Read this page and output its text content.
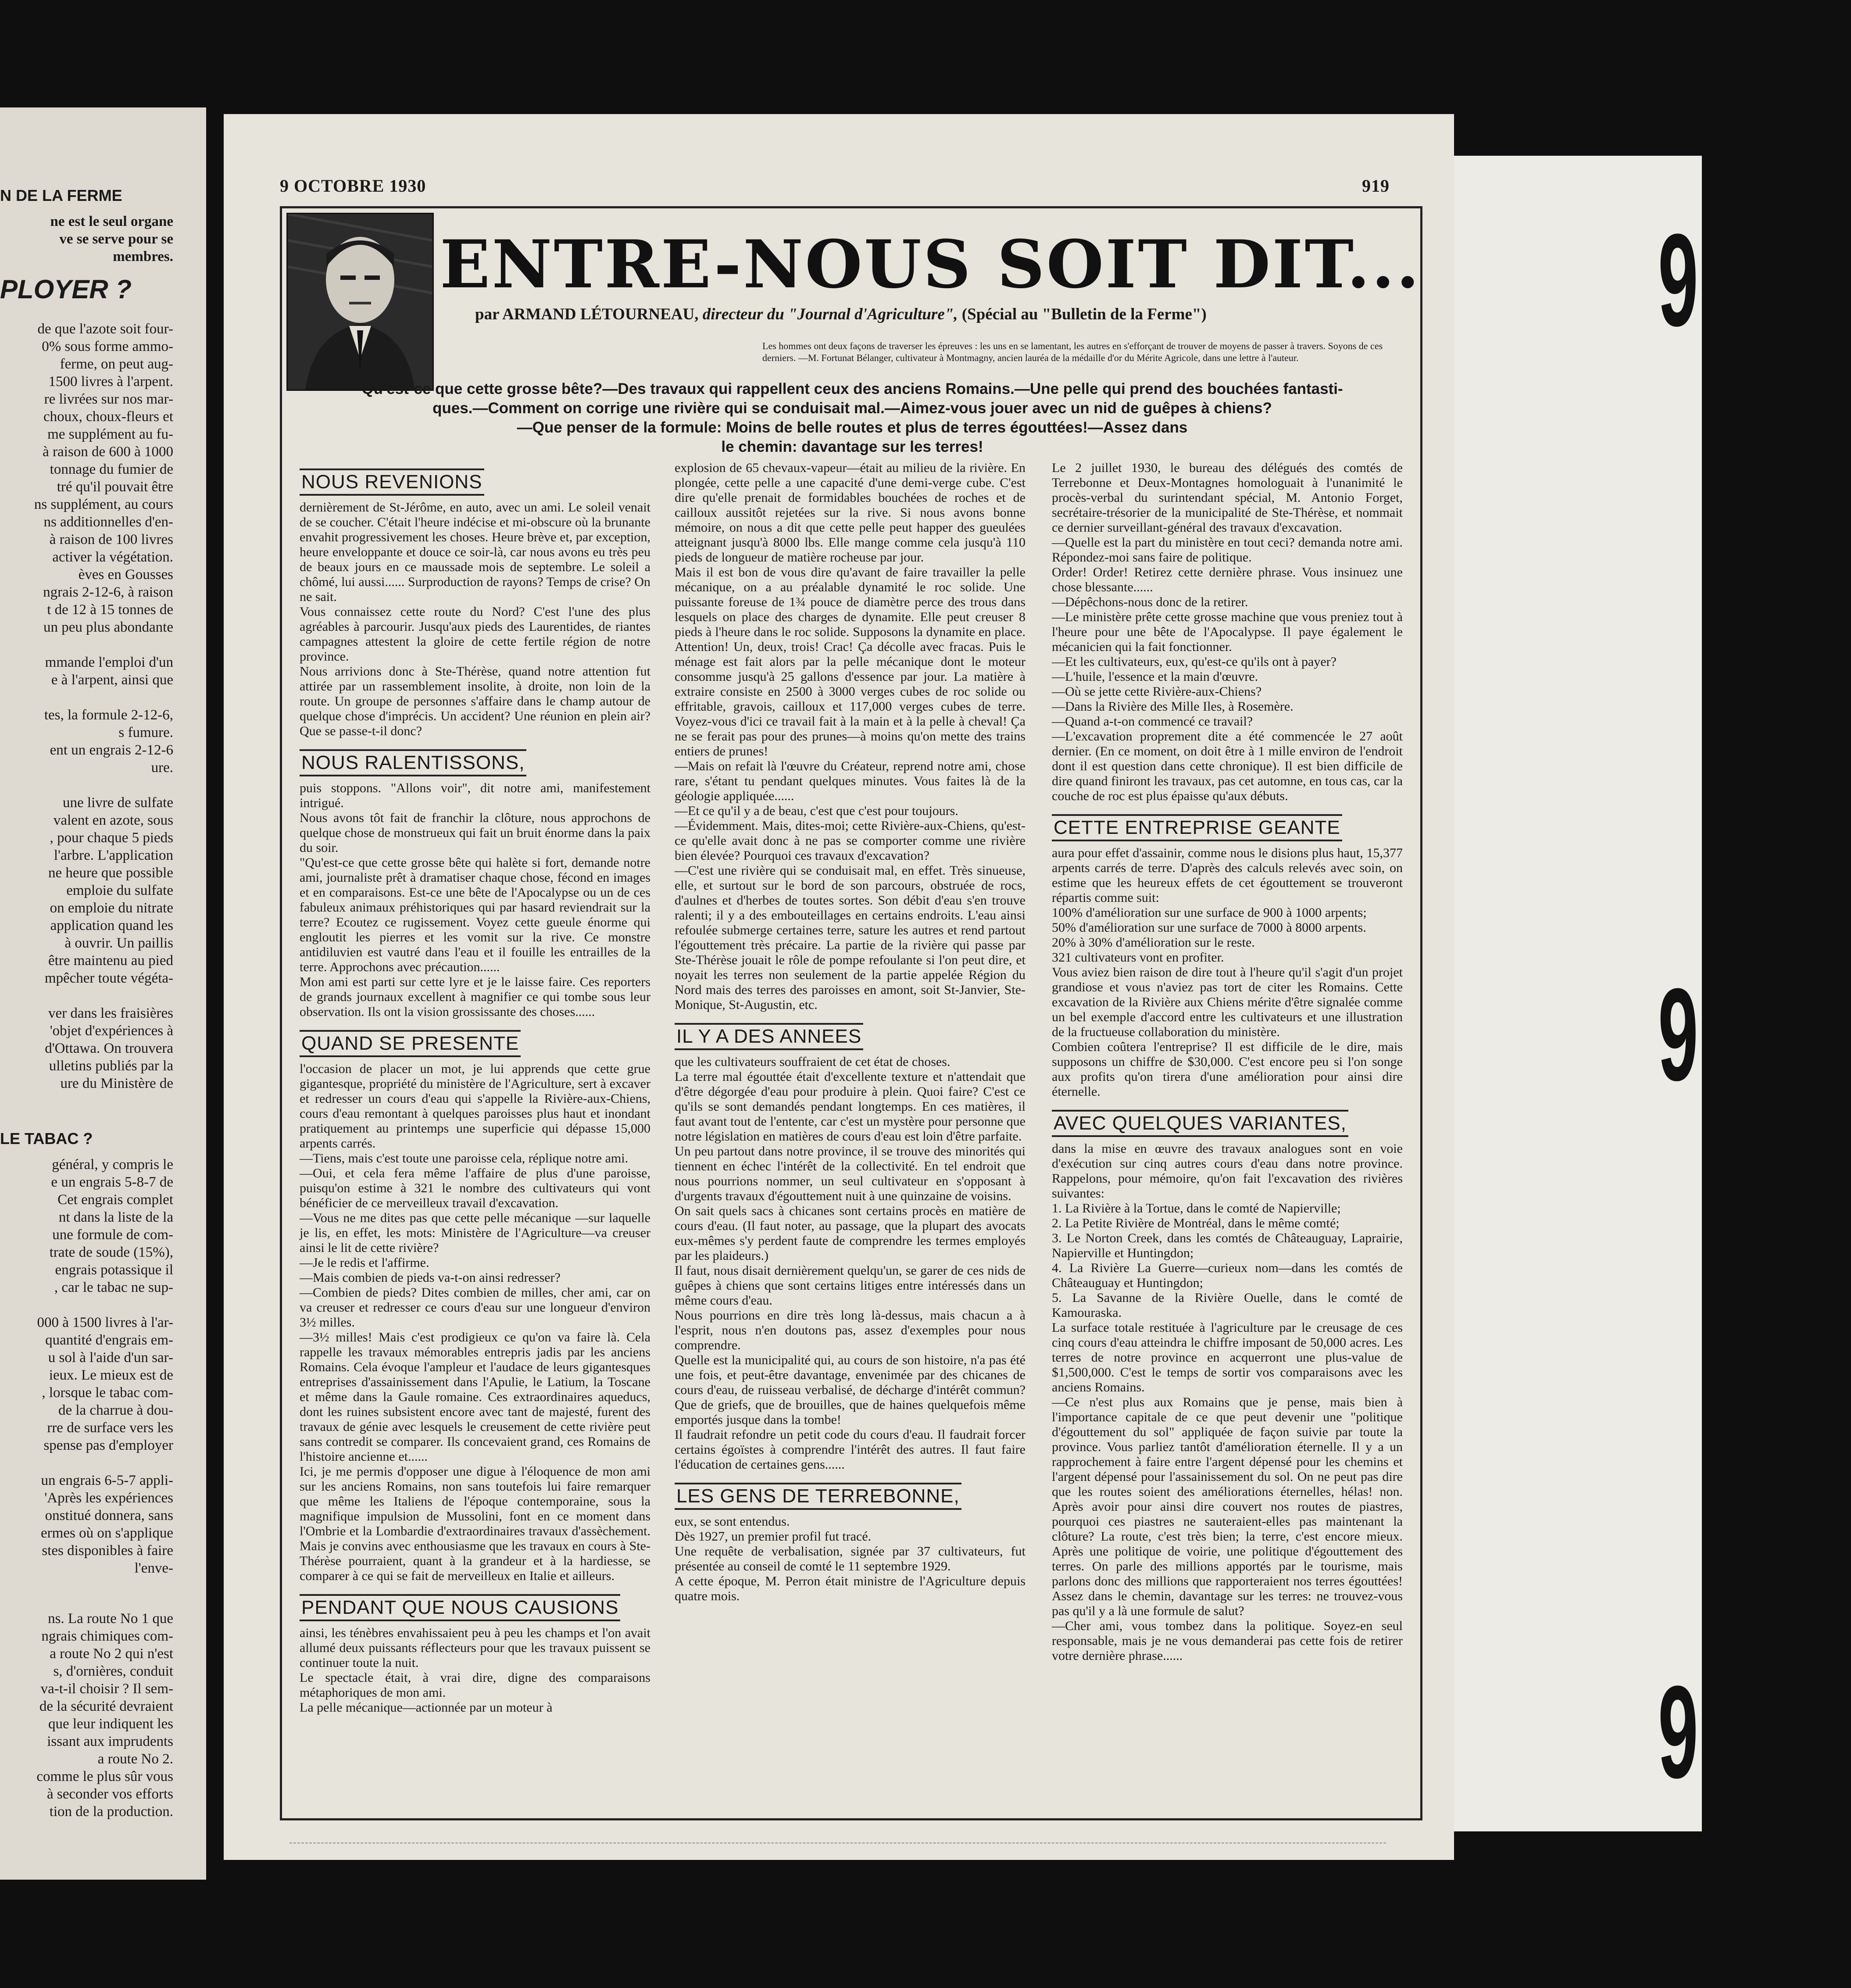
N DE LA FERME
ne est le seul organe
ve se serve pour se
membres.
PLOYER ?
de que l'azote soit four-
0% sous forme ammo-
ferme, on peut aug-
1500 livres à l'arpent.
re livrées sur nos mar-
choux, choux-fleurs et
me supplément au fu-
à raison de 600 à 1000
tonnage du fumier de
tré qu'il pouvait être
ns supplément, au cours
ns additionnelles d'en-
à raison de 100 livres
activer la végétation.
èves en Gousses
ngrais 2-12-6, à raison
t de 12 à 15 tonnes de
un peu plus abondante

mmande l'emploi d'un
e à l'arpent, ainsi que

tes, la formule 2-12-6,
s fumure.
ent un engrais 2-12-6
ure.

une livre de sulfate
valent en azote, sous
, pour chaque 5 pieds
l'arbre. L'application
ne heure que possible
emploie du sulfate
on emploie du nitrate
application quand les
à ouvrir. Un paillis
être maintenu au pied
mpêcher toute végéta-

ver dans les fraisières
'objet d'expériences à
d'Ottawa. On trouvera
ulletins publiés par la
ure du Ministère de
LE TABAC ?
général, y compris le
e un engrais 5-8-7 de
Cet engrais complet
nt dans la liste de la
une formule de com-
trate de soude (15%),
engrais potassique il
, car le tabac ne sup-

000 à 1500 livres à l'ar-
quantité d'engrais em-
u sol à l'aide d'un sar-
ieux. Le mieux est de
, lorsque le tabac com-
de la charrue à dou-
rre de surface vers les
spense pas d'employer

un engrais 6-5-7 appli-
'Après les expériences
onstitué donnera, sans
ermes où on s'applique
stes disponibles à faire l'enve-
ns. La route No 1 que
ngrais chimiques com-
a route No 2 qui n'est
s, d'ornières, conduit
va-t-il choisir ? Il sem-
de la sécurité devraient
que leur indiquent les
issant aux imprudents
a route No 2.
comme le plus sûr vous
à seconder vos efforts
tion de la production.
9
9
9
9 OCTOBRE 1930	919
ENTRE-NOUS SOIT DIT...
par ARMAND LÉTOURNEAU, directeur du "Journal d'Agriculture", (Spécial au "Bulletin de la Ferme")
Les hommes ont deux façons de traverser les épreuves : les uns en se lamentant, les autres en s'efforçant de trouver de moyens de passer à travers. Soyons de ces derniers. —M. Fortunat Bélanger, cultivateur à Montmagny, ancien lauréa de la médaille d'or du Mérite Agricole, dans une lettre à l'auteur.
Qu'est-ce que cette grosse bête?—Des travaux qui rappellent ceux des anciens Romains.—Une pelle qui prend des bouchées fantasti-
ques.—Comment on corrige une rivière qui se conduisait mal.—Aimez-vous jouer avec un nid de guêpes à chiens?
—Que penser de la formule: Moins de belle routes et plus de terres égouttées!—Assez dans
le chemin: davantage sur les terres!
NOUS REVENIONS

dernièrement de St-Jérôme, en auto, avec un ami. Le soleil venait de se coucher. C'était l'heure indécise et mi-obscure où la brunante envahit progressivement les choses. Heure brève et, par exception, heure enveloppante et douce ce soir-là, car nous avons eu très peu de beaux jours en ce maussade mois de septembre. Le soleil a chômé, lui aussi...... Surproduction de rayons? Temps de crise? On ne sait.
Vous connaissez cette route du Nord? C'est l'une des plus agréables à parcourir. Jusqu'aux pieds des Laurentides, de riantes campagnes attestent la gloire de cette fertile région de notre province.
Nous arrivions donc à Ste-Thérèse, quand notre attention fut attirée par un rassemblement insolite, à droite, non loin de la route. Un groupe de personnes s'affaire dans le champ autour de quelque chose d'imprécis. Un accident? Une réunion en plein air? Que se passe-t-il donc?

NOUS RALENTISSONS,

puis stoppons. "Allons voir", dit notre ami, manifestement intrigué.
Nous avons tôt fait de franchir la clôture, nous approchons de quelque chose de monstrueux qui fait un bruit énorme dans la paix du soir.
"Qu'est-ce que cette grosse bête qui halète si fort, demande notre ami, journaliste prêt à dramatiser chaque chose, fécond en images et en comparaisons. Est-ce une bête de l'Apocalypse ou un de ces fabuleux animaux préhistoriques qui par hasard reviendrait sur la terre? Ecoutez ce rugissement. Voyez cette gueule énorme qui engloutit les pierres et les vomit sur la rive. Ce monstre antidiluvien est vautré dans l'eau et il fouille les entrailles de la terre. Approchons avec précaution......
Mon ami est parti sur cette lyre et je le laisse faire. Ces reporters de grands journaux excellent à magnifier ce qui tombe sous leur observation. Ils ont la vision grossissante des choses......

QUAND SE PRESENTE

l'occasion de placer un mot, je lui apprends que cette grue gigantesque, propriété du ministère de l'Agriculture, sert à excaver et redresser un cours d'eau qui s'appelle la Rivière-aux-Chiens, cours d'eau remontant à quelques paroisses plus haut et inondant pratiquement au printemps une superficie qui dépasse 15,000 arpents carrés.
—Tiens, mais c'est toute une paroisse cela, réplique notre ami.
—Oui, et cela fera même l'affaire de plus d'une paroisse, puisqu'on estime à 321 le nombre des cultivateurs qui vont bénéficier de ce merveilleux travail d'excavation.
—Vous ne me dites pas que cette pelle mécanique —sur laquelle je lis, en effet, les mots: Ministère de l'Agriculture—va creuser ainsi le lit de cette rivière?
—Je le redis et l'affirme.
—Mais combien de pieds va-t-on ainsi redresser?
—Combien de pieds? Dites combien de milles, cher ami, car on va creuser et redresser ce cours d'eau sur une longueur d'environ 3½ milles.
—3½ milles! Mais c'est prodigieux ce qu'on va faire là. Cela rappelle les travaux mémorables entrepris jadis par les anciens Romains. Cela évoque l'ampleur et l'audace de leurs gigantesques entreprises d'assainissement dans l'Apulie, le Latium, la Toscane et même dans la Gaule romaine. Ces extraordinaires aqueducs, dont les ruines subsistent encore avec tant de majesté, furent des travaux de génie avec lesquels le creusement de cette rivière peut sans contredit se comparer. Ils concevaient grand, ces Romains de l'histoire ancienne et......
Ici, je me permis d'opposer une digue à l'éloquence de mon ami sur les anciens Romains, non sans toutefois lui faire remarquer que même les Italiens de l'époque contemporaine, sous la magnifique impulsion de Mussolini, font en ce moment dans l'Ombrie et la Lombardie d'extraordinaires travaux d'assèchement. Mais je convins avec enthousiasme que les travaux en cours à Ste-Thérèse pourraient, quant à la grandeur et à la hardiesse, se comparer à ce qui se fait de merveilleux en Italie et ailleurs.

PENDANT QUE NOUS CAUSIONS

ainsi, les ténèbres envahissaient peu à peu les champs et l'on avait allumé deux puissants réflecteurs pour que les travaux puissent se continuer toute la nuit.
Le spectacle était, à vrai dire, digne des comparaisons métaphoriques de mon ami.
La pelle mécanique—actionnée par un moteur à

explosion de 65 chevaux-vapeur—était au milieu de la rivière. En plongée, cette pelle a une capacité d'une demi-verge cube. C'est dire qu'elle prenait de formidables bouchées de roches et de cailloux aussitôt rejetées sur la rive. Si nous avons bonne mémoire, on nous a dit que cette pelle peut happer des gueulées atteignant jusqu'à 8000 lbs. Elle mange comme cela jusqu'à 110 pieds de longueur de matière rocheuse par jour.
Mais il est bon de vous dire qu'avant de faire travailler la pelle mécanique, on a au préalable dynamité le roc solide. Une puissante foreuse de 1¾ pouce de diamètre perce des trous dans lesquels on place des charges de dynamite. Elle peut creuser 8 pieds à l'heure dans le roc solide. Supposons la dynamite en place. Attention! Un, deux, trois! Crac! Ça décolle avec fracas. Puis le ménage est fait alors par la pelle mécanique dont le moteur consomme jusqu'à 25 gallons d'essence par jour. La matière à extraire consiste en 2500 à 3000 verges cubes de roc solide ou effritable, gravois, cailloux et 117,000 verges cubes de terre. Voyez-vous d'ici ce travail fait à la main et à la pelle à cheval! Ça ne se ferait pas pour des prunes—à moins qu'on mette des trains entiers de prunes!
—Mais on refait là l'œuvre du Créateur, reprend notre ami, chose rare, s'étant tu pendant quelques minutes. Vous faites là de la géologie appliquée......
—Et ce qu'il y a de beau, c'est que c'est pour toujours.
—Évidemment. Mais, dites-moi; cette Rivière-aux-Chiens, qu'est-ce qu'elle avait donc à ne pas se comporter comme une rivière bien élevée? Pourquoi ces travaux d'excavation?
—C'est une rivière qui se conduisait mal, en effet. Très sinueuse, elle, et surtout sur le bord de son parcours, obstruée de rocs, d'aulnes et d'herbes de toutes sortes. Son débit d'eau s'en trouve ralenti; il y a des embouteillages en certains endroits. L'eau ainsi refoulée submerge certaines terre, sature les autres et rend partout l'égouttement très précaire. La partie de la rivière qui passe par Ste-Thérèse jouait le rôle de pompe refoulante si l'on peut dire, et noyait les terres non seulement de la partie appelée Région du Nord mais des terres des paroisses en amont, soit St-Janvier, Ste-Monique, St-Augustin, etc.

IL Y A DES ANNEES

que les cultivateurs souffraient de cet état de choses.
La terre mal égouttée était d'excellente texture et n'attendait que d'être dégorgée d'eau pour produire à plein. Quoi faire? C'est ce qu'ils se sont demandés pendant longtemps. En ces matières, il faut avant tout de l'entente, car c'est un mystère pour personne que notre législation en matières de cours d'eau est loin d'être parfaite.
Un peu partout dans notre province, il se trouve des minorités qui tiennent en échec l'intérêt de la collectivité. En tel endroit que nous pourrions nommer, un seul cultivateur en s'opposant à d'urgents travaux d'égouttement nuit à une quinzaine de voisins.
On sait quels sacs à chicanes sont certains procès en matière de cours d'eau. (Il faut noter, au passage, que la plupart des avocats eux-mêmes s'y perdent faute de comprendre les termes employés par les plaideurs.)
Il faut, nous disait dernièrement quelqu'un, se garer de ces nids de guêpes à chiens que sont certains litiges entre intéressés dans un même cours d'eau.
Nous pourrions en dire très long là-dessus, mais chacun a à l'esprit, nous n'en doutons pas, assez d'exemples pour nous comprendre.
Quelle est la municipalité qui, au cours de son histoire, n'a pas été une fois, et peut-être davantage, envenimée par des chicanes de cours d'eau, de ruisseau verbalisé, de décharge d'intérêt commun? Que de griefs, que de brouilles, que de haines quelquefois même emportés jusque dans la tombe!
Il faudrait refondre un petit code du cours d'eau. Il faudrait forcer certains égoïstes à comprendre l'intérêt des autres. Il faut faire l'éducation de certaines gens......

LES GENS DE TERREBONNE,

eux, se sont entendus.
Dès 1927, un premier profil fut tracé.
Une requête de verbalisation, signée par 37 cultivateurs, fut présentée au conseil de comté le 11 septembre 1929.
A cette époque, M. Perron était ministre de l'Agriculture depuis quatre mois.

Le 2 juillet 1930, le bureau des délégués des comtés de Terrebonne et Deux-Montagnes homologuait à l'unanimité le procès-verbal du surintendant spécial, M. Antonio Forget, secrétaire-trésorier de la municipalité de Ste-Thérèse, et nommait ce dernier surveillant-général des travaux d'excavation.
—Quelle est la part du ministère en tout ceci? demanda notre ami. Répondez-moi sans faire de politique.
Order! Order! Retirez cette dernière phrase. Vous insinuez une chose blessante......
—Dépêchons-nous donc de la retirer.
—Le ministère prête cette grosse machine que vous preniez tout à l'heure pour une bête de l'Apocalypse. Il paye également le mécanicien qui la fait fonctionner.
—Et les cultivateurs, eux, qu'est-ce qu'ils ont à payer?
—L'huile, l'essence et la main d'œuvre.
—Où se jette cette Rivière-aux-Chiens?
—Dans la Rivière des Mille Iles, à Rosemère.
—Quand a-t-on commencé ce travail?
—L'excavation proprement dite a été commencée le 27 août dernier. (En ce moment, on doit être à 1 mille environ de l'endroit dont il est question dans cette chronique). Il est bien difficile de dire quand finiront les travaux, pas cet automne, en tous cas, car la couche de roc est plus épaisse qu'aux débuts.

CETTE ENTREPRISE GEANTE

aura pour effet d'assainir, comme nous le disions plus haut, 15,377 arpents carrés de terre. D'après des calculs relevés avec soin, on estime que les heureux effets de cet égouttement se trouveront répartis comme suit:
100% d'amélioration sur une surface de 900 à 1000 arpents;
50% d'amélioration sur une surface de 7000 à 8000 arpents.
20% à 30% d'amélioration sur le reste.
321 cultivateurs vont en profiter.
Vous aviez bien raison de dire tout à l'heure qu'il s'agit d'un projet grandiose et vous n'aviez pas tort de citer les Romains. Cette excavation de la Rivière aux Chiens mérite d'être signalée comme un bel exemple d'accord entre les cultivateurs et une illustration de la fructueuse collaboration du ministère.
Combien coûtera l'entreprise? Il est difficile de le dire, mais supposons un chiffre de $30,000. C'est encore peu si l'on songe aux profits qu'on tirera d'une amélioration pour ainsi dire éternelle.

AVEC QUELQUES VARIANTES,

dans la mise en œuvre des travaux analogues sont en voie d'exécution sur cinq autres cours d'eau dans notre province. Rappelons, pour mémoire, qu'on fait l'excavation des rivières suivantes:
1. La Rivière à la Tortue, dans le comté de Napierville;
2. La Petite Rivière de Montréal, dans le même comté;
3. Le Norton Creek, dans les comtés de Châteauguay, Laprairie, Napierville et Huntingdon;
4. La Rivière La Guerre—curieux nom—dans les comtés de Châteauguay et Huntingdon;
5. La Savanne de la Rivière Ouelle, dans le comté de Kamouraska.
La surface totale restituée à l'agriculture par le creusage de ces cinq cours d'eau atteindra le chiffre imposant de 50,000 acres. Les terres de notre province en acquerront une plus-value de $1,500,000. C'est le temps de sortir vos comparaisons avec les anciens Romains.
—Ce n'est plus aux Romains que je pense, mais bien à l'importance capitale de ce que peut devenir une "politique d'égouttement du sol" appliquée de façon suivie par toute la province. Vous parliez tantôt d'amélioration éternelle. Il y a un rapprochement à faire entre l'argent dépensé pour les chemins et l'argent dépensé pour l'assainissement du sol. On ne peut pas dire que les routes soient des améliorations éternelles, hélas! non. Après avoir pour ainsi dire couvert nos routes de piastres, pourquoi ces piastres ne sauteraient-elles pas maintenant la clôture? La route, c'est très bien; la terre, c'est encore mieux. Après une politique de voirie, une politique d'égouttement des terres. On parle des millions apportés par le tourisme, mais parlons donc des millions que rapporteraient nos terres égouttées! Assez dans le chemin, davantage sur les terres: ne trouvez-vous pas qu'il y a là une formule de salut?
—Cher ami, vous tombez dans la politique. Soyez-en seul responsable, mais je ne vous demanderai pas cette fois de retirer votre dernière phrase......
